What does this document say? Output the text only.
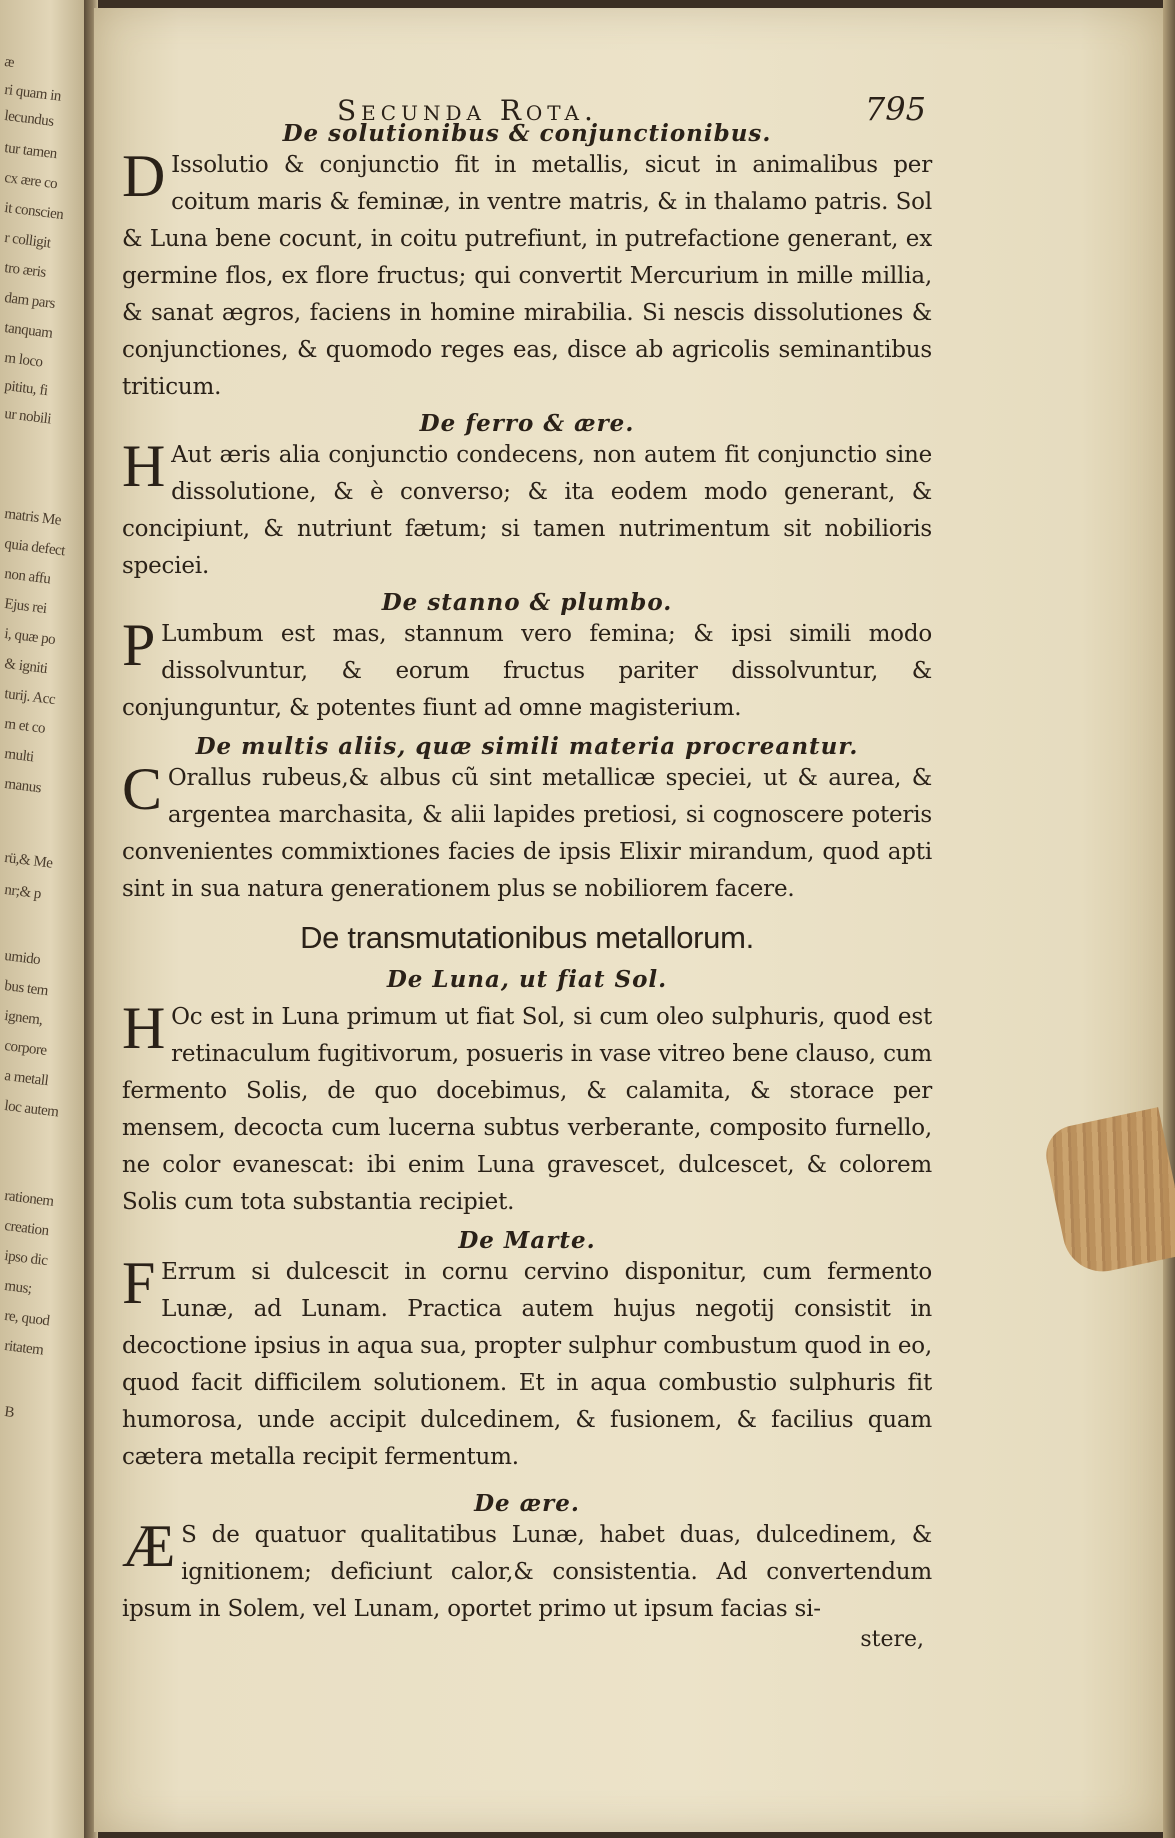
æ
ri quam in
lecundus
tur tamen
cx ære co
it conscien
r colligit
tro æris
dam pars
tanquam
m loco
pititu, fi
ur nobili
matris Me
quia defect
non affu
Ejus rei
i, quæ po
& igniti
turij. Acc
m et co
multi
manus
rü,& Me
nr;& p
umido
bus tem
ignem,
corpore
a metall
loc autem
rationem
creation
ipso dic
mus;
re, quod
ritatem
B
Secunda Rota.	795

De solutionibus & conjunctionibus.

D Issolutio & conjunctio fit in metallis, sicut in animalibus per coitum maris & feminæ, in ventre matris, & in thalamo patris. Sol & Luna bene cocunt, in coitu putrefiunt, in putrefactione generant, ex germine flos, ex flore fructus; qui convertit Mercurium in mille millia, & sanat ægros, faciens in homine mirabilia. Si nescis dissolutiones & conjunctiones, & quomodo reges eas, disce ab agricolis seminantibus triticum.

De ferro & ære.

H Aut æris alia conjunctio condecens, non autem fit conjunctio sine dissolutione, & è converso; & ita eodem modo generant, & concipiunt, & nutriunt fætum; si tamen nutrimentum sit nobilioris speciei.

De stanno & plumbo.

P Lumbum est mas, stannum vero femina; & ipsi simili modo dissolvuntur, & eorum fructus pariter dissolvuntur, & conjunguntur, & potentes fiunt ad omne magisterium.

De multis aliis, quæ simili materia procreantur.

C Orallus rubeus,& albus cũ sint metallicæ speciei, ut & aurea, & argentea marchasita, & alii lapides pretiosi, si cognoscere poteris convenientes commixtiones facies de ipsis Elixir mirandum, quod apti sint in sua natura generationem plus se nobiliorem facere.

De transmutationibus metallorum.

De Luna, ut fiat Sol.

H Oc est in Luna primum ut fiat Sol, si cum oleo sulphuris, quod est retinaculum fugitivorum, posueris in vase vitreo bene clauso, cum fermento Solis, de quo docebimus, & calamita, & storace per mensem, decocta cum lucerna subtus verberante, composito furnello, ne color evanescat: ibi enim Luna gravescet, dulcescet, & colorem Solis cum tota substantia recipiet.

De Marte.

F Errum si dulcescit in cornu cervino disponitur, cum fermento Lunæ, ad Lunam. Practica autem hujus negotij consistit in decoctione ipsius in aqua sua, propter sulphur combustum quod in eo, quod facit difficilem solutionem. Et in aqua combustio sulphuris fit humorosa, unde accipit dulcedinem, & fusionem, & facilius quam cætera metalla recipit fermentum.

De ære.

Æ S de quatuor qualitatibus Lunæ, habet duas, dulcedinem, & ignitionem; deficiunt calor,& consistentia. Ad convertendum ipsum in Solem, vel Lunam, oportet primo ut ipsum facias si-

stere,
